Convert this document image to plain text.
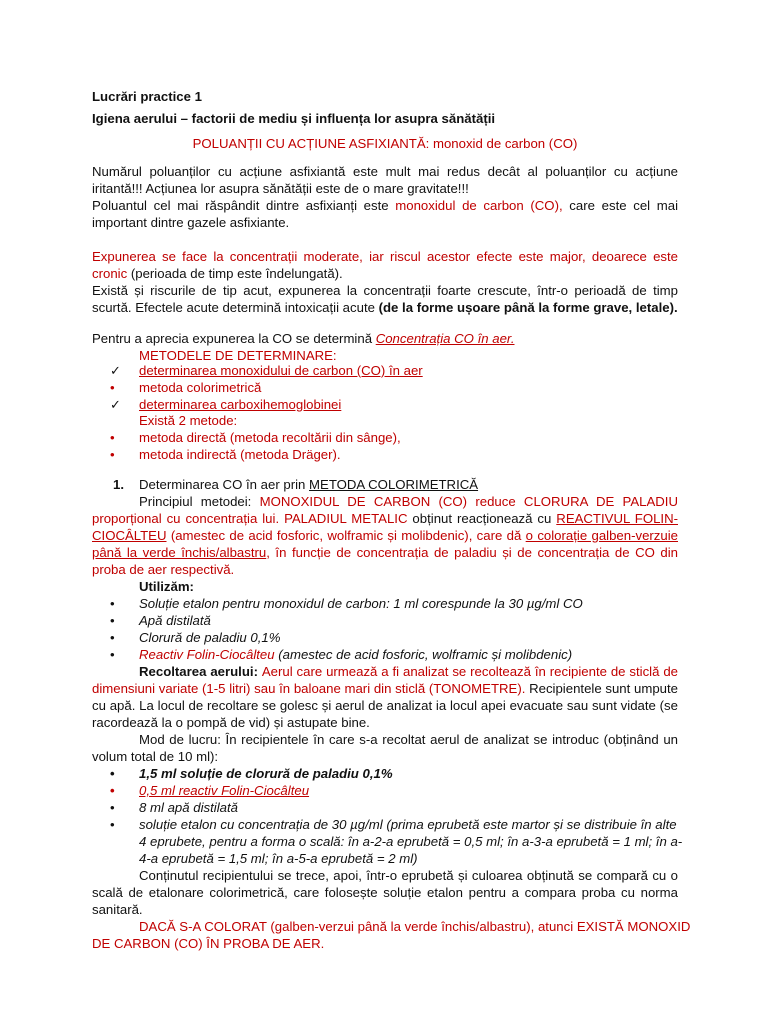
Lucrări practice 1
Igiena aerului – factorii de mediu și influența lor asupra sănătății
POLUANȚII CU ACȚIUNE ASFIXIANTĂ: monoxid de carbon (CO)
Numărul poluanților cu acțiune asfixiantă este mult mai redus decât al poluanților cu acțiune
iritantă!!! Acțiunea lor asupra sănătății este de o mare gravitate!!!
Poluantul cel mai răspândit dintre asfixianți este monoxidul de carbon (CO), care este cel mai
important dintre gazele asfixiante.
Expunerea se face la concentrații moderate, iar riscul acestor efecte este major, deoarece este
cronic (perioada de timp este îndelungată).
Există și riscurile de tip acut, expunerea la concentrații foarte crescute, într-o perioadă de timp
scurtă. Efectele acute determină intoxicații acute (de la forme ușoare până la forme grave, letale).
Pentru a aprecia expunerea la CO se determină Concentrația CO în aer.
METODELE DE DETERMINARE:
✓	determinarea monoxidului de carbon (CO) în aer
•	metoda colorimetrică
✓	determinarea carboxihemoglobinei
Există 2 metode:
•	metoda directă (metoda recoltării din sânge),
•	metoda indirectă (metoda Dräger).
1.	Determinarea CO în aer prin METODA COLORIMETRICĂ
Principiul metodei: MONOXIDUL DE CARBON (CO) reduce CLORURA DE PALADIU
proporțional cu concentrația lui. PALADIUL METALIC obținut reacționează cu REACTIVUL FOLIN-
CIOCÂLTEU (amestec de acid fosforic, wolframic și molibdenic), care dă o colorație galben-verzuie
până la verde închis/albastru, în funcție de concentrația de paladiu și de concentrația de CO din
proba de aer respectivă.
Utilizăm:
•	Soluție etalon pentru monoxidul de carbon: 1 ml corespunde la 30 µg/ml CO
•	Apă distilată
•	Clorură de paladiu 0,1%
•	Reactiv Folin-Ciocâlteu (amestec de acid fosforic, wolframic și molibdenic)
Recoltarea aerului: Aerul care urmează a fi analizat se recoltează în recipiente de sticlă de
dimensiuni variate (1-5 litri) sau în baloane mari din sticlă (TONOMETRE). Recipientele sunt umpute
cu apă. La locul de recoltare se golesc și aerul de analizat ia locul apei evacuate sau sunt vidate (se
racordează la o pompă de vid) și astupate bine.
Mod de lucru: În recipientele în care s-a recoltat aerul de analizat se introduc (obținând un
volum total de 10 ml):
•	1,5 ml soluție de clorură de paladiu 0,1%
•	0,5 ml reactiv Folin-Ciocâlteu
•	8 ml apă distilată
•	soluție etalon cu concentrația de 30 µg/ml (prima eprubetă este martor și se distribuie în alte
4 eprubete, pentru a forma o scală: în a-2-a eprubetă = 0,5 ml; în a-3-a eprubetă = 1 ml; în a-
4-a eprubetă = 1,5 ml; în a-5-a eprubetă = 2 ml)
Conținutul recipientului se trece, apoi, într-o eprubetă și culoarea obținută se compară cu o
scală de etalonare colorimetrică, care folosește soluție etalon pentru a compara proba cu norma
sanitară.
DACĂ S-A COLORAT (galben-verzui până la verde închis/albastru), atunci EXISTĂ MONOXID
DE CARBON (CO) ÎN PROBA DE AER.
